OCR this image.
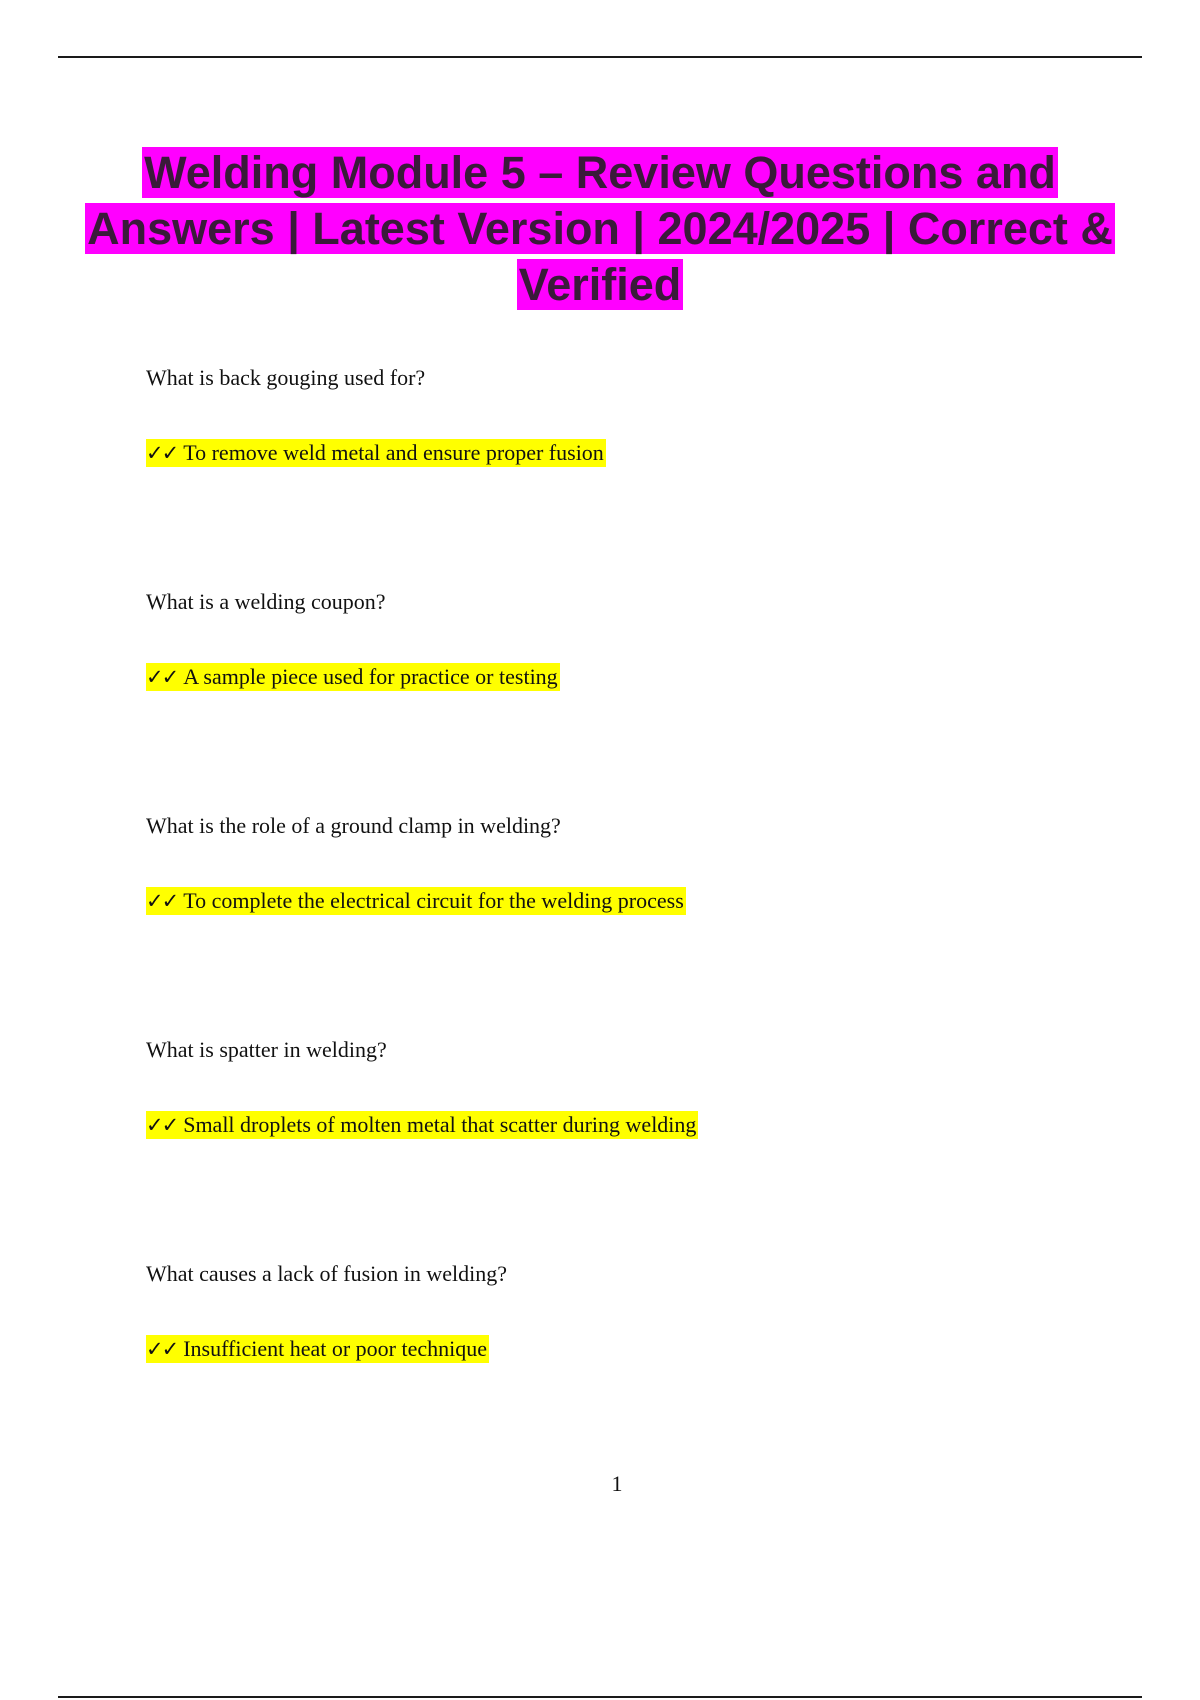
Welding Module 5 – Review Questions and Answers | Latest Version | 2024/2025 | Correct & Verified
What is back gouging used for?
✓✓ To remove weld metal and ensure proper fusion
What is a welding coupon?
✓✓ A sample piece used for practice or testing
What is the role of a ground clamp in welding?
✓✓ To complete the electrical circuit for the welding process
What is spatter in welding?
✓✓ Small droplets of molten metal that scatter during welding
What causes a lack of fusion in welding?
✓✓ Insufficient heat or poor technique
1
